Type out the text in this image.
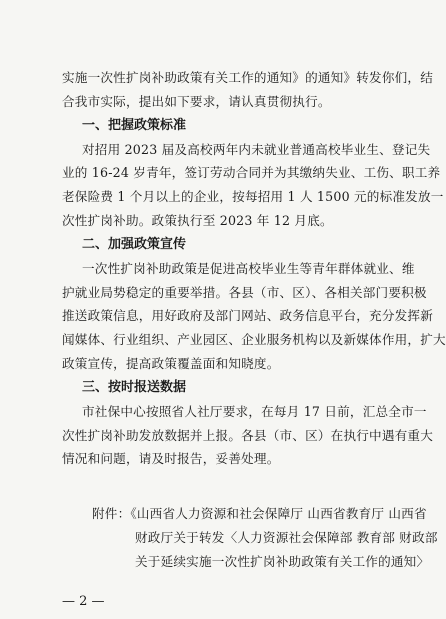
实施一次性扩岗补助政策有关工作的通知》的通知》转发你们，结
合我市实际，提出如下要求，请认真贯彻执行。
一、把握政策标准
对招用 2023 届及高校两年内未就业普通高校毕业生、登记失
业的 16-24 岁青年，签订劳动合同并为其缴纳失业、工伤、职工养
老保险费 1 个月以上的企业，按每招用 1 人 1500 元的标准发放一
次性扩岗补助。政策执行至 2023 年 12 月底。
二、加强政策宣传
一次性扩岗补助政策是促进高校毕业生等青年群体就业、维
护就业局势稳定的重要举措。各县（市、区）、各相关部门要积极
推送政策信息，用好政府及部门网站、政务信息平台，充分发挥新
闻媒体、行业组织、产业园区、企业服务机构以及新媒体作用，扩大
政策宣传，提高政策覆盖面和知晓度。
三、按时报送数据
市社保中心按照省人社厅要求，在每月 17 日前，汇总全市一
次性扩岗补助发放数据并上报。各县（市、区）在执行中遇有重大
情况和问题，请及时报告，妥善处理。
附件：《山西省人力资源和社会保障厅 山西省教育厅 山西省
财政厅关于转发〈人力资源社会保障部 教育部 财政部
关于延续实施一次性扩岗补助政策有关工作的通知〉
— 2 —
